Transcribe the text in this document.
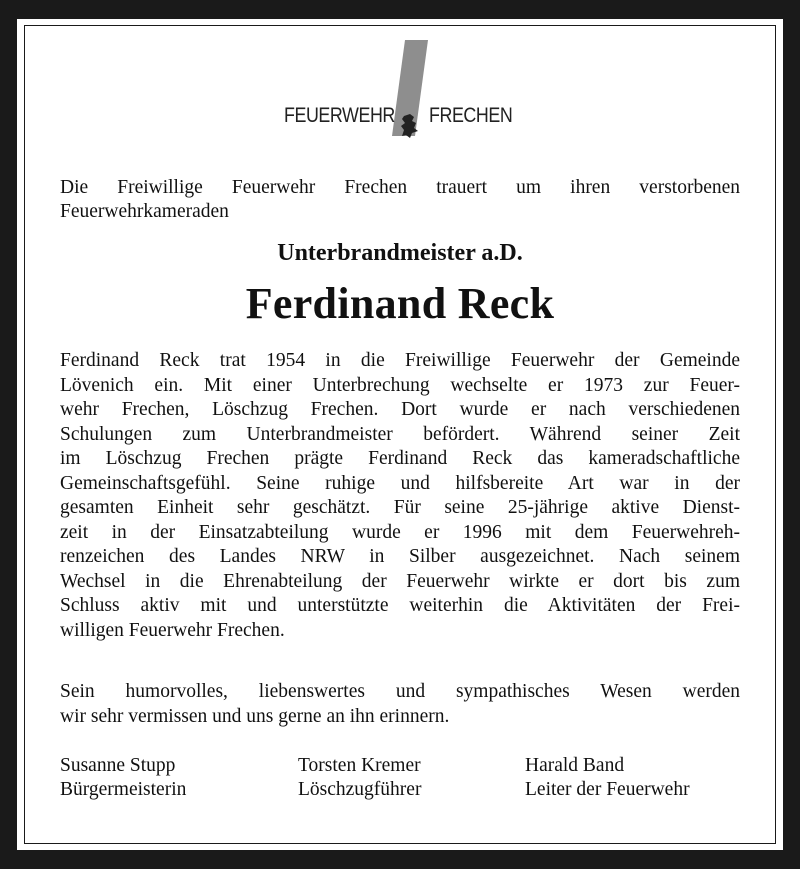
FEUERWEHR FRECHEN
Die Freiwillige Feuerwehr Frechen trauert um ihren verstorbenen Feuerwehrkameraden
Unterbrandmeister a.D.
Ferdinand Reck
Ferdinand Reck trat 1954 in die Freiwillige Feuerwehr der Gemeinde
Lövenich ein. Mit einer Unterbrechung wechselte er 1973 zur Feuer-
wehr Frechen, Löschzug Frechen. Dort wurde er nach verschiedenen
Schulungen zum Unterbrandmeister befördert. Während seiner Zeit
im Löschzug Frechen prägte Ferdinand Reck das kameradschaftliche
Gemeinschaftsgefühl. Seine ruhige und hilfsbereite Art war in der
gesamten Einheit sehr geschätzt. Für seine 25-jährige aktive Dienst-
zeit in der Einsatzabteilung wurde er 1996 mit dem Feuerwehreh-
renzeichen des Landes NRW in Silber ausgezeichnet. Nach seinem
Wechsel in die Ehrenabteilung der Feuerwehr wirkte er dort bis zum
Schluss aktiv mit und unterstützte weiterhin die Aktivitäten der Frei-
willigen Feuerwehr Frechen.
Sein humorvolles, liebenswertes und sympathisches Wesen werden
wir sehr vermissen und uns gerne an ihn erinnern.
Susanne Stupp
Bürgermeisterin
Torsten Kremer
Löschzugführer
Harald Band
Leiter der Feuerwehr
